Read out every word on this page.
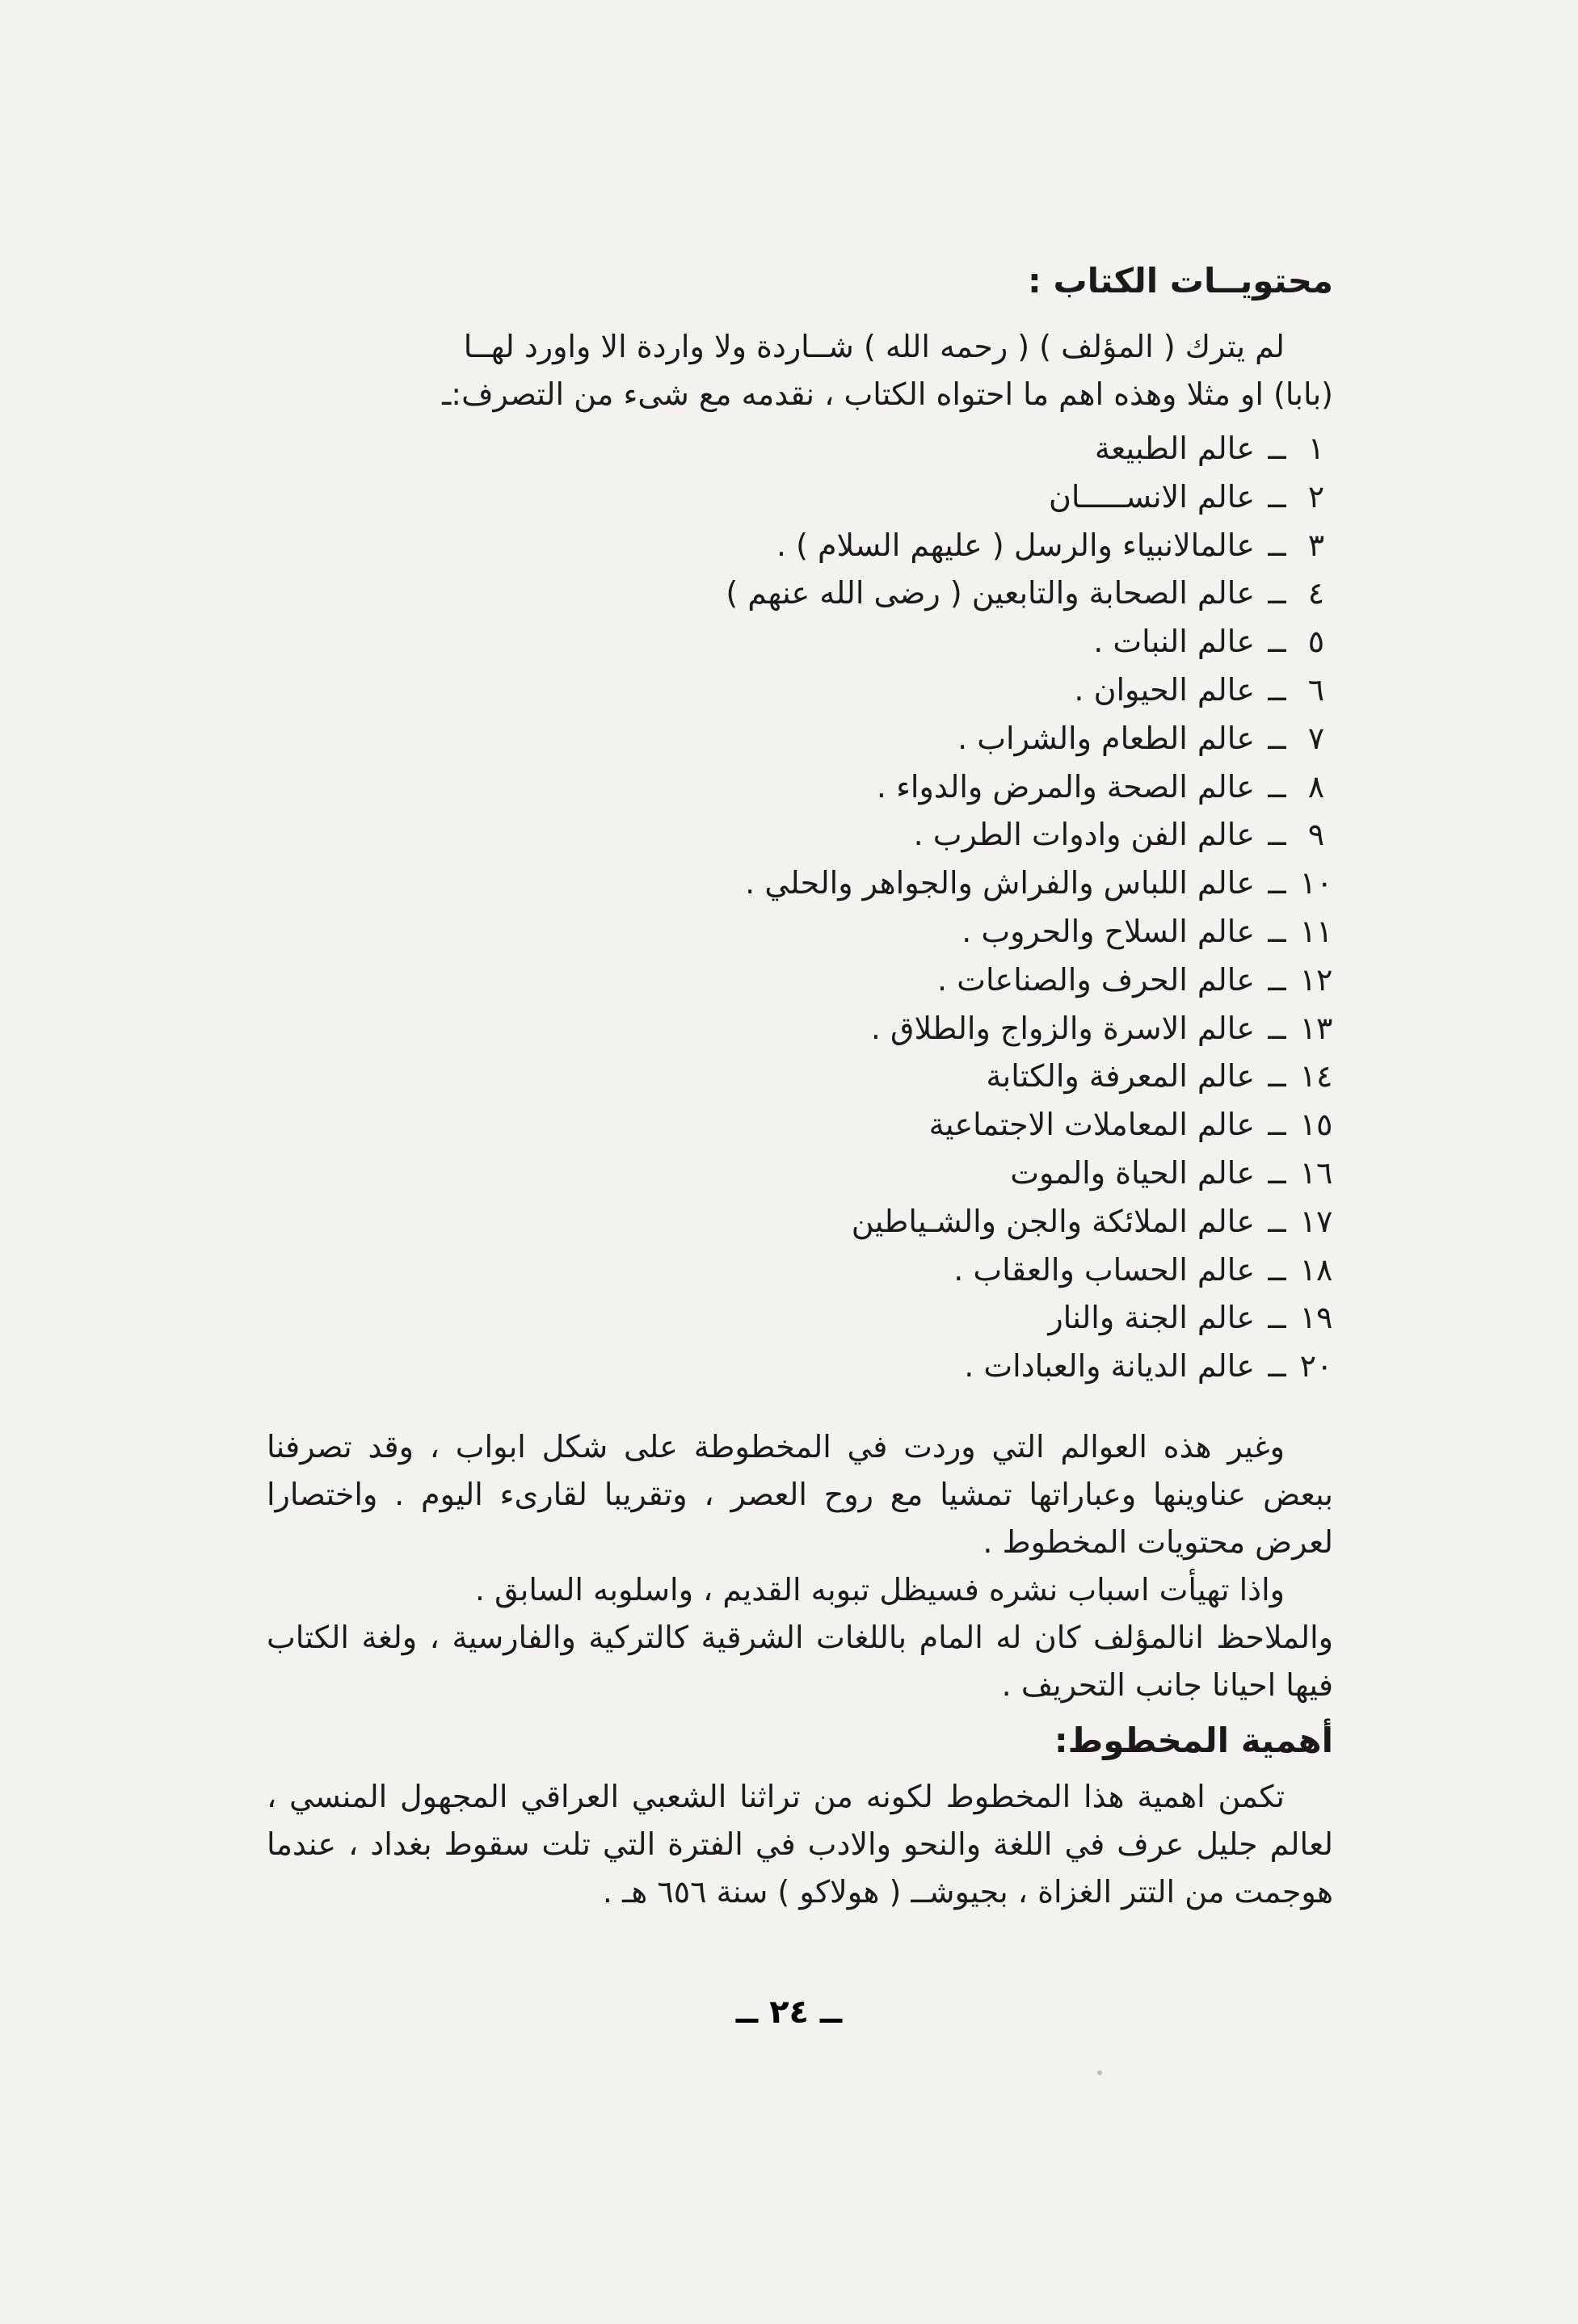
محتويــات الكتاب :

لم يترك ( المؤلف ) ( رحمه الله ) شــاردة ولا واردة الا واورد لهــا

(بابا) او مثلا وهذه اهم ما احتواه الكتاب ، نقدمه مع شىء من التصرف:ـ

١ــعالم الطبيعة
٢ــعالم الانســـــان
٣ــعالمالانبياء والرسل ( عليهم السلام ) .
٤ــعالم الصحابة والتابعين ( رضى الله عنهم )
٥ــعالم النبات .
٦ــعالم الحيوان .
٧ــعالم الطعام والشراب .
٨ــعالم الصحة والمرض والدواء .
٩ــعالم الفن وادوات الطرب .
١٠ــعالم اللباس والفراش والجواهر والحلي .
١١ــعالم السلاح والحروب .
١٢ــعالم الحرف والصناعات .
١٣ــعالم الاسرة والزواج والطلاق .
١٤ــعالم المعرفة والكتابة
١٥ــعالم المعاملات الاجتماعية
١٦ــعالم الحياة والموت
١٧ــعالم الملائكة والجن والشـياطين
١٨ــعالم الحساب والعقاب .
١٩ــعالم الجنة والنار
٢٠ــعالم الديانة والعبادات .

وغير هذه العوالم التي وردت في المخطوطة على شكل ابواب ، وقد تصرفنا ببعض عناوينها وعباراتها تمشيا مع روح العصر ، وتقريبا لقارىء اليوم . واختصارا لعرض محتويات المخطوط .

واذا تهيأت اسباب نشره فسيظل تبوبه القديم ، واسلوبه السابق .

والملاحظ انالمؤلف كان له المام باللغات الشرقية كالتركية والفارسية ، ولغة الكتاب فيها احيانا جانب التحريف .

أهمية المخطوط:

تكمن اهمية هذا المخطوط لكونه من تراثنا الشعبي العراقي المجهول المنسي ، لعالم جليل عرف في اللغة والنحو والادب في الفترة التي تلت سقوط بغداد ، عندما هوجمت من التتر الغزاة ، بجيوشــ ( هولاكو ) سنة ٦٥٦ هـ .

ــ ٢٤ ــ
